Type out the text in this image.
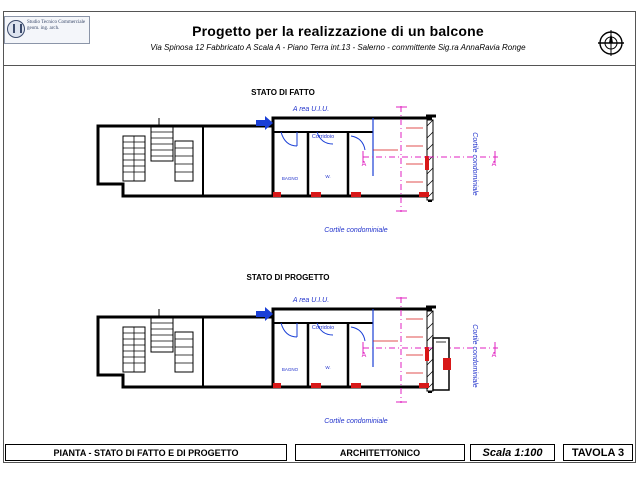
Studio Tecnico Commerciale
geom. ing. arch.	Progetto per la realizzazione di un balcone
Via Spinosa 12 Fabbricato A Scala A - Piano Terra int.13 - Salerno - committente Sig.ra AnnaRavia Ronge
STATO DI FATTO
A rea U.I.U.
Corridoio
BAGNO	W.
Cortile condominiale
Cortile condominiale A
A
STATO DI PROGETTO
A rea U.I.U.
Corridoio
BAGNO	W.
Cortile condominiale
Cortile condominiale A
A
PIANTA - STATO DI FATTO E DI PROGETTO	ARCHITETTONICO	Scala 1:100	TAVOLA 3
